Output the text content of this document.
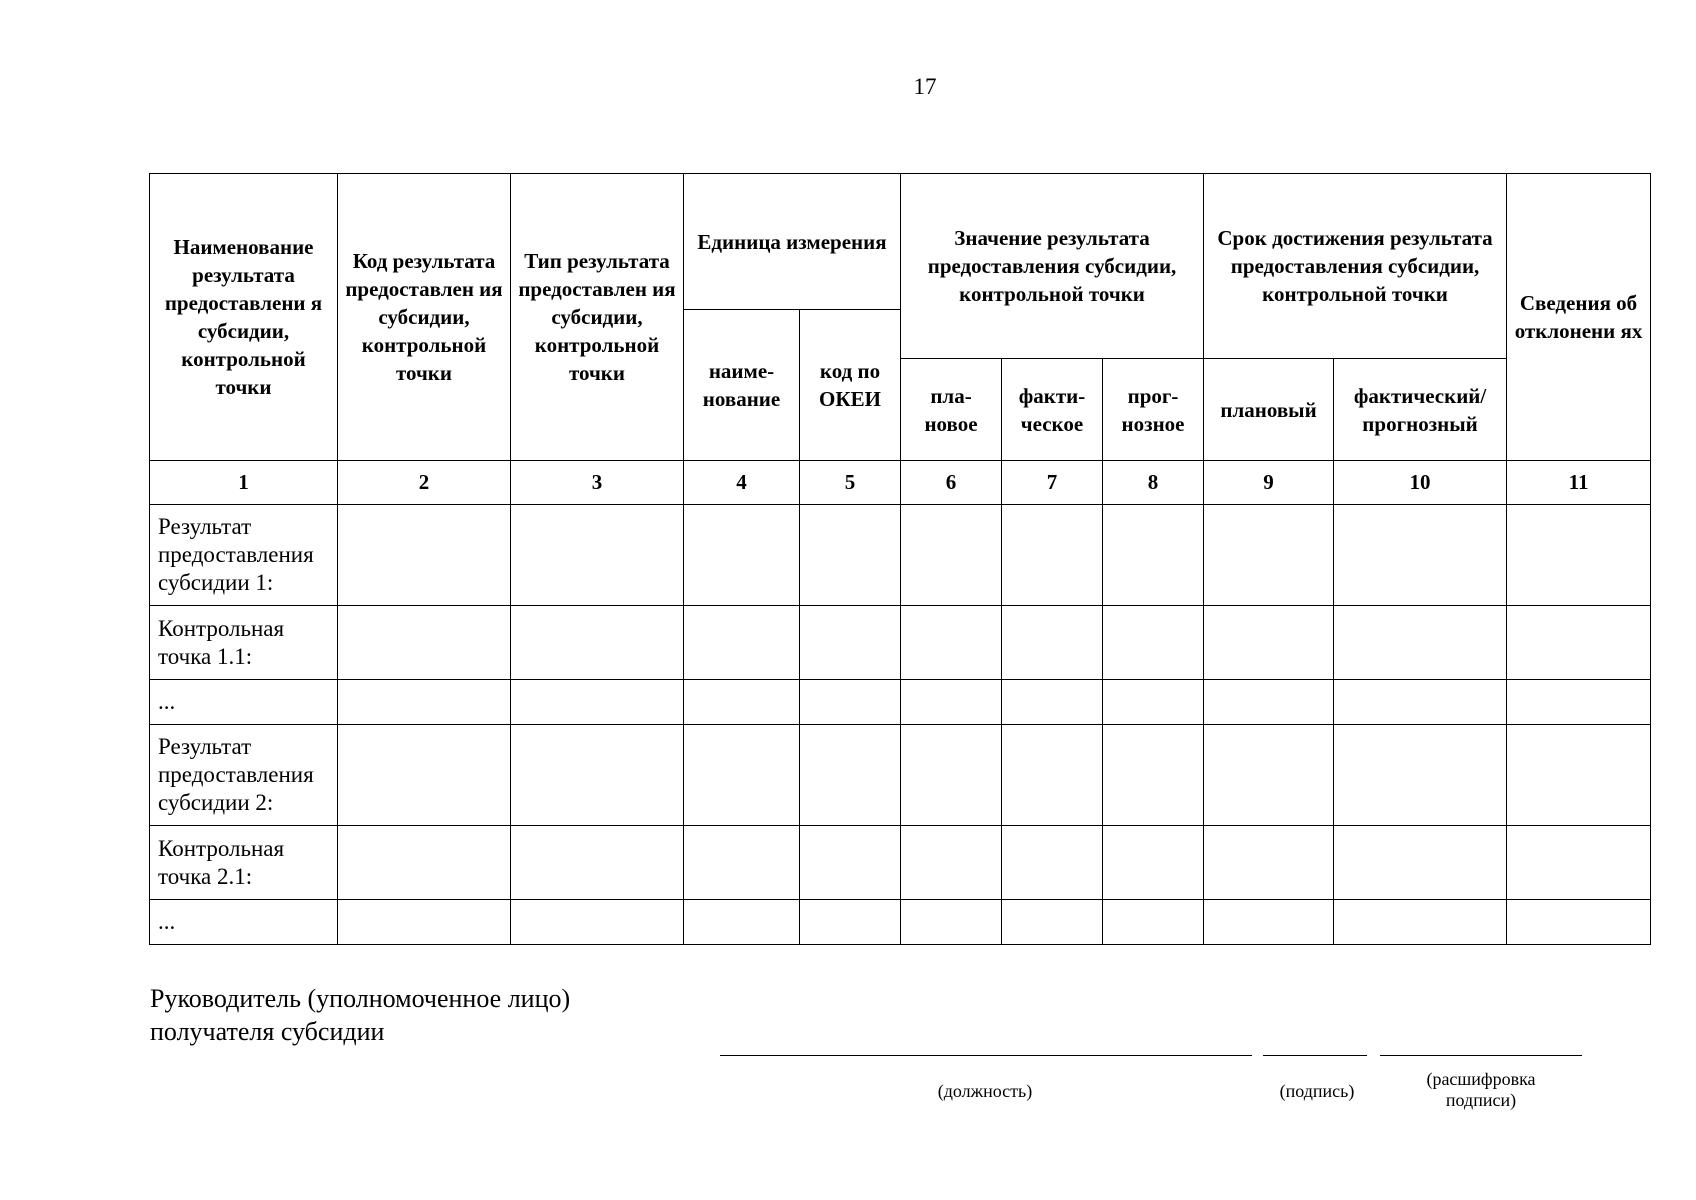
17
Наименование результата предоставлени я субсидии, контрольной точки	Код результата предоставлен ия субсидии, контрольной точки	Тип результата предоставлен ия субсидии, контрольной точки	Единица измерения		Значение результата предоставления субсидии, контрольной точки			Срок достижения результата предоставления субсидии, контрольной точки		Сведения об отклонени ях
			наиме- нование	код по ОКЕИ						
					пла- новое	факти- ческое	прог- нозное	плановый	фактический/ прогнозный	
1	2	3	4	5	6	7	8	9	10	11
Результат предоставления субсидии 1:										
Контрольная точка 1.1:										
...										
Результат предоставления субсидии 2:										
Контрольная точка 2.1:										
...										
Руководитель (уполномоченное лицо)
получателя субсидии
(должность)	(подпись)
(расшифровка подписи)
